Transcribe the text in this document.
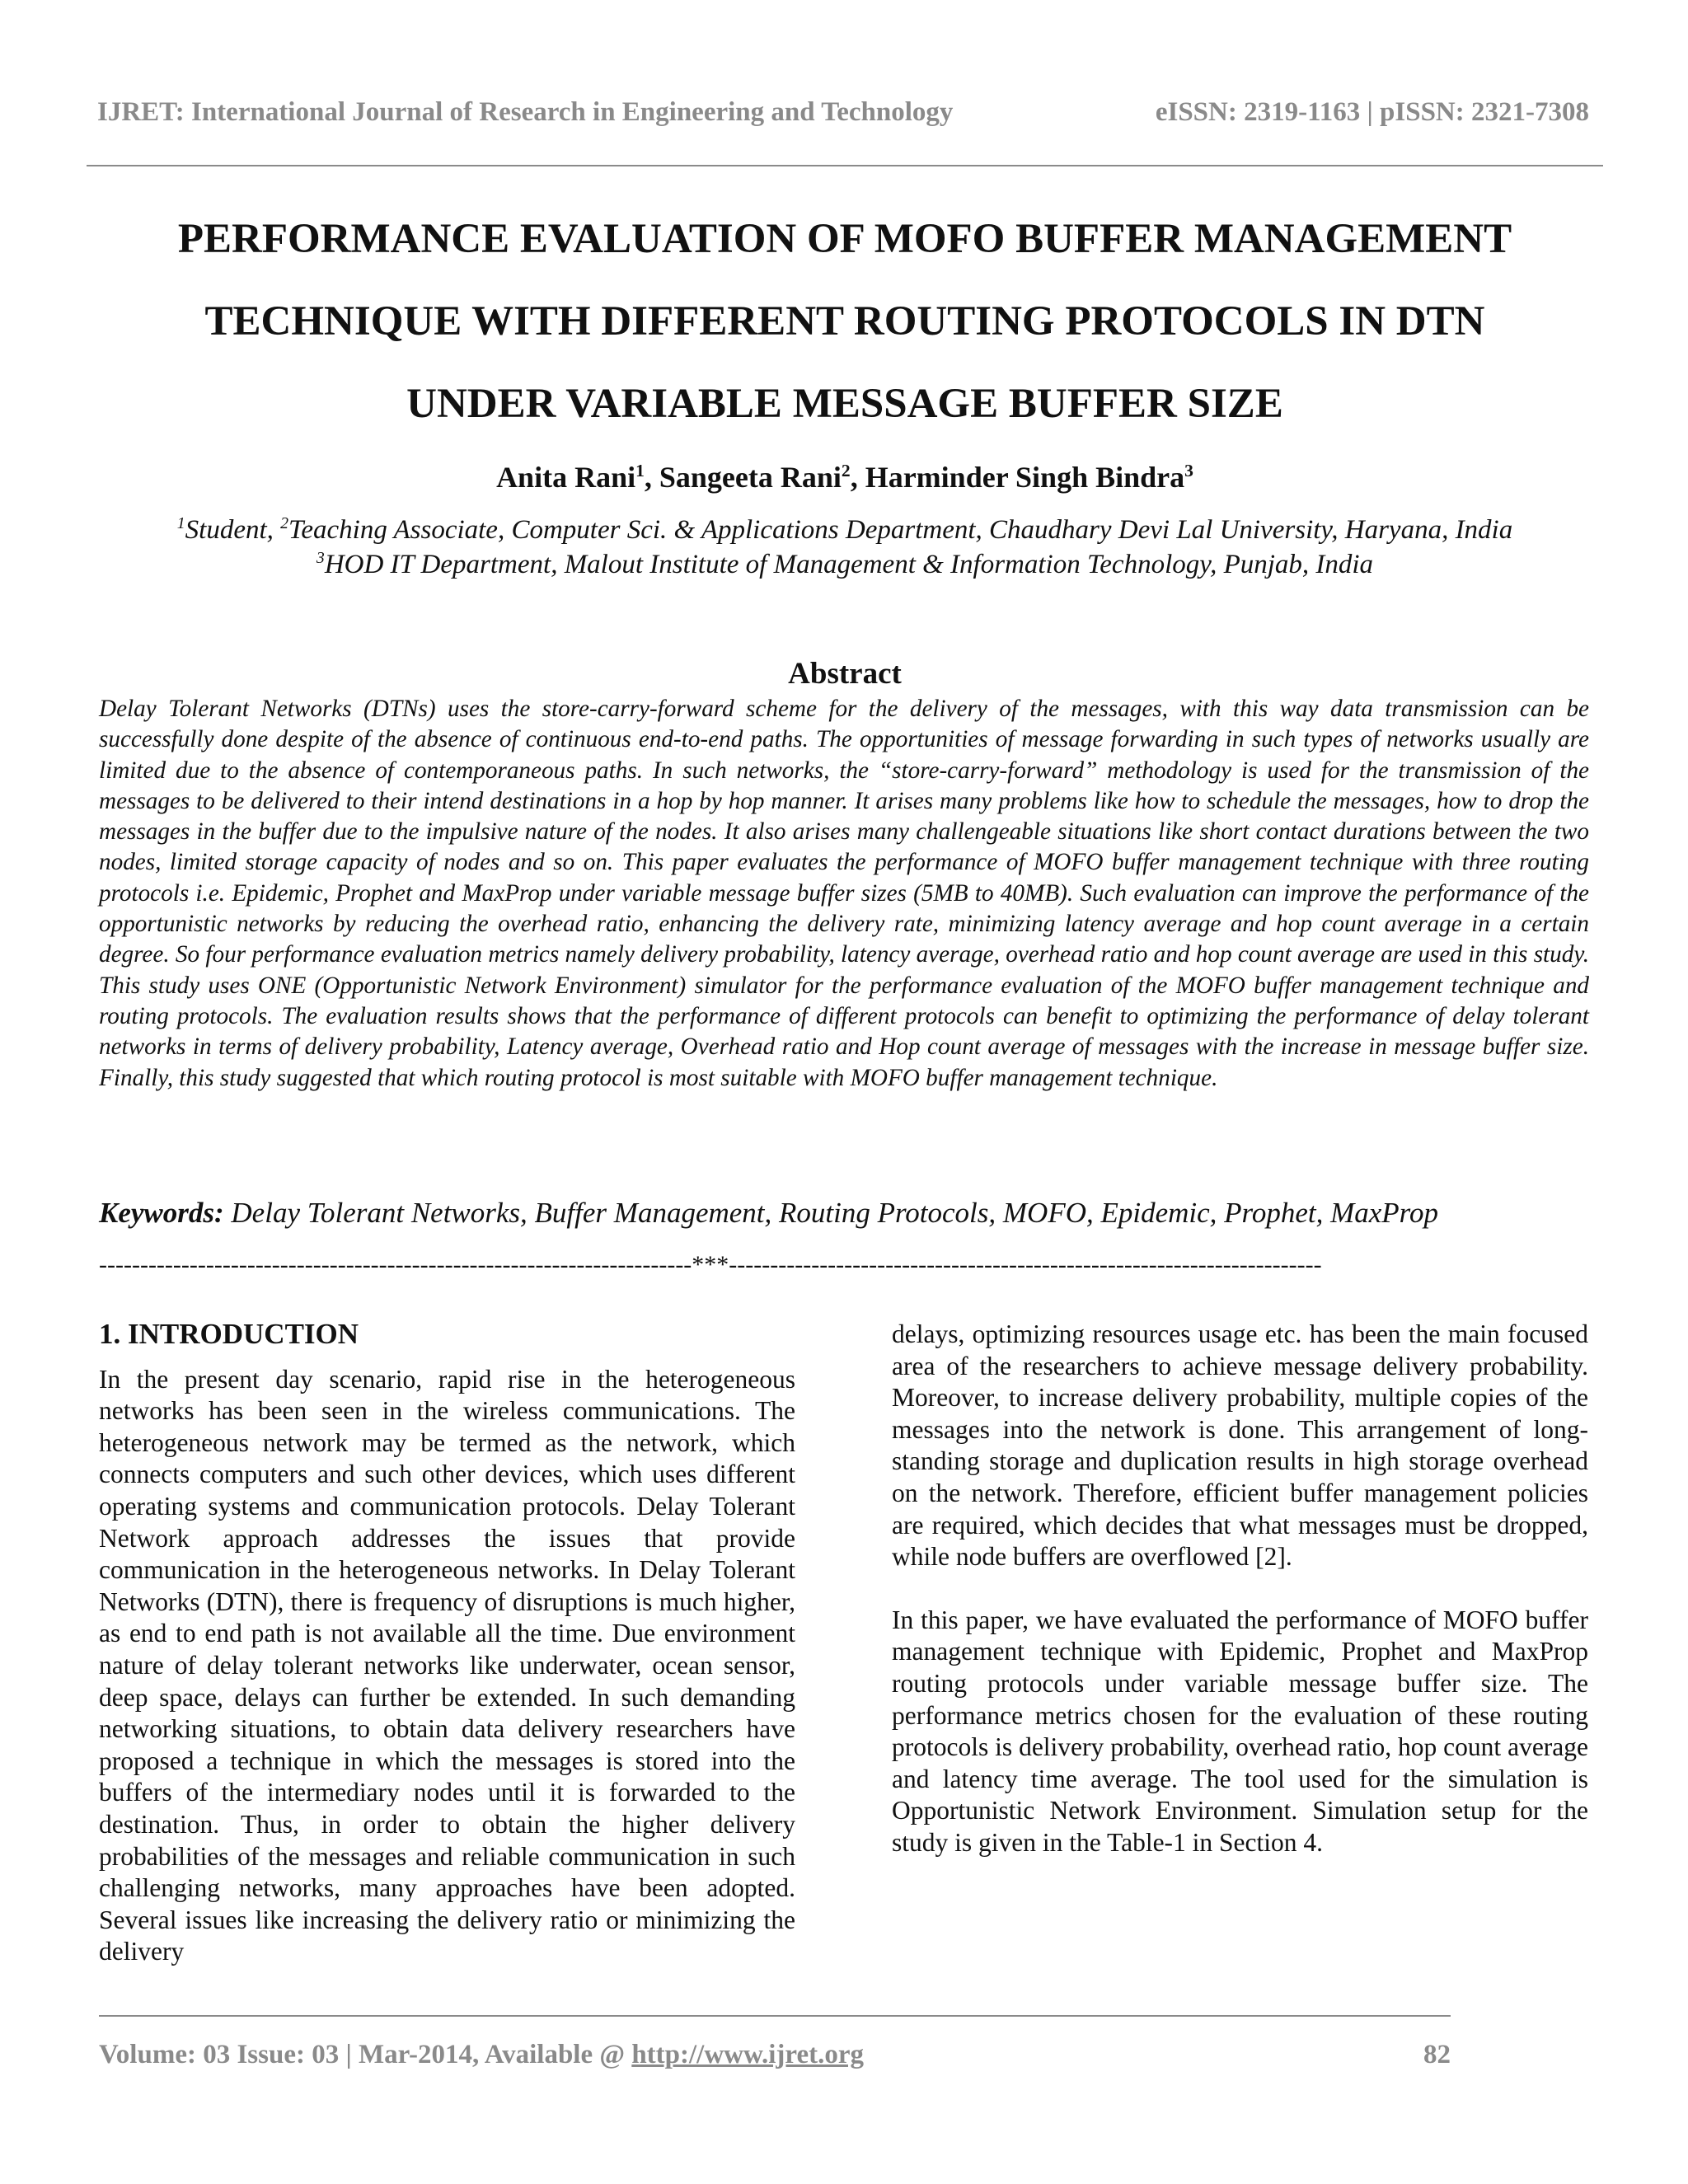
IJRET: International Journal of Research in Engineering and Technology	eISSN: 2319-1163 | pISSN: 2321-7308
PERFORMANCE EVALUATION OF MOFO BUFFER MANAGEMENT
TECHNIQUE WITH DIFFERENT ROUTING PROTOCOLS IN DTN
UNDER VARIABLE MESSAGE BUFFER SIZE
Anita Rani$^1$, Sangeeta Rani$^2$, Harminder Singh Bindra$^3$
$^1$Student, $^2$Teaching Associate, Computer Sci. & Applications Department, Chaudhary Devi Lal University, Haryana, India
$^3$HOD IT Department, Malout Institute of Management & Information Technology, Punjab, India
Abstract
Delay Tolerant Networks (DTNs) uses the store-carry-forward scheme for the delivery of the messages, with this way data transmission can be successfully done despite of the absence of continuous end-to-end paths. The opportunities of message forwarding in such types of networks usually are limited due to the absence of contemporaneous paths. In such networks, the “store-carry-forward” methodology is used for the transmission of the messages to be delivered to their intend destinations in a hop by hop manner. It arises many problems like how to schedule the messages, how to drop the messages in the buffer due to the impulsive nature of the nodes. It also arises many challengeable situations like short contact durations between the two nodes, limited storage capacity of nodes and so on. This paper evaluates the performance of MOFO buffer management technique with three routing protocols i.e. Epidemic, Prophet and MaxProp under variable message buffer sizes (5MB to 40MB). Such evaluation can improve the performance of the opportunistic networks by reducing the overhead ratio, enhancing the delivery rate, minimizing latency average and hop count average in a certain degree. So four performance evaluation metrics namely delivery probability, latency average, overhead ratio and hop count average are used in this study. This study uses ONE (Opportunistic Network Environment) simulator for the performance evaluation of the MOFO buffer management technique and routing protocols. The evaluation results shows that the performance of different protocols can benefit to optimizing the performance of delay tolerant networks in terms of delivery probability, Latency average, Overhead ratio and Hop count average of messages with the increase in message buffer size. Finally, this study suggested that which routing protocol is most suitable with MOFO buffer management technique.
Keywords: Delay Tolerant Networks, Buffer Management, Routing Protocols, MOFO, Epidemic, Prophet, MaxProp
------------------------------------------------------------------------***------------------------------------------------------------------------

1. INTRODUCTION

In the present day scenario, rapid rise in the heterogeneous networks has been seen in the wireless communications. The heterogeneous network may be termed as the network, which connects computers and such other devices, which uses different operating systems and communication protocols. Delay Tolerant Network approach addresses the issues that provide communication in the heterogeneous networks. In Delay Tolerant Networks (DTN), there is frequency of disruptions is much higher, as end to end path is not available all the time. Due environment nature of delay tolerant networks like underwater, ocean sensor, deep space, delays can further be extended. In such demanding networking situations, to obtain data delivery researchers have proposed a technique in which the messages is stored into the buffers of the intermediary nodes until it is forwarded to the destination. Thus, in order to obtain the higher delivery probabilities of the messages and reliable communication in such challenging networks, many approaches have been adopted. Several issues like increasing the delivery ratio or minimizing the delivery

delays, optimizing resources usage etc. has been the main focused area of the researchers to achieve message delivery probability. Moreover, to increase delivery probability, multiple copies of the messages into the network is done. This arrangement of long-standing storage and duplication results in high storage overhead on the network. Therefore, efficient buffer management policies are required, which decides that what messages must be dropped, while node buffers are overflowed [2].

In this paper, we have evaluated the performance of MOFO buffer management technique with Epidemic, Prophet and MaxProp routing protocols under variable message buffer size. The performance metrics chosen for the evaluation of these routing protocols is delivery probability, overhead ratio, hop count average and latency time average. The tool used for the simulation is Opportunistic Network Environment. Simulation setup for the study is given in the Table-1 in Section 4.

Volume: 03 Issue: 03 | Mar-2014, Available @ http://www.ijret.org	82
